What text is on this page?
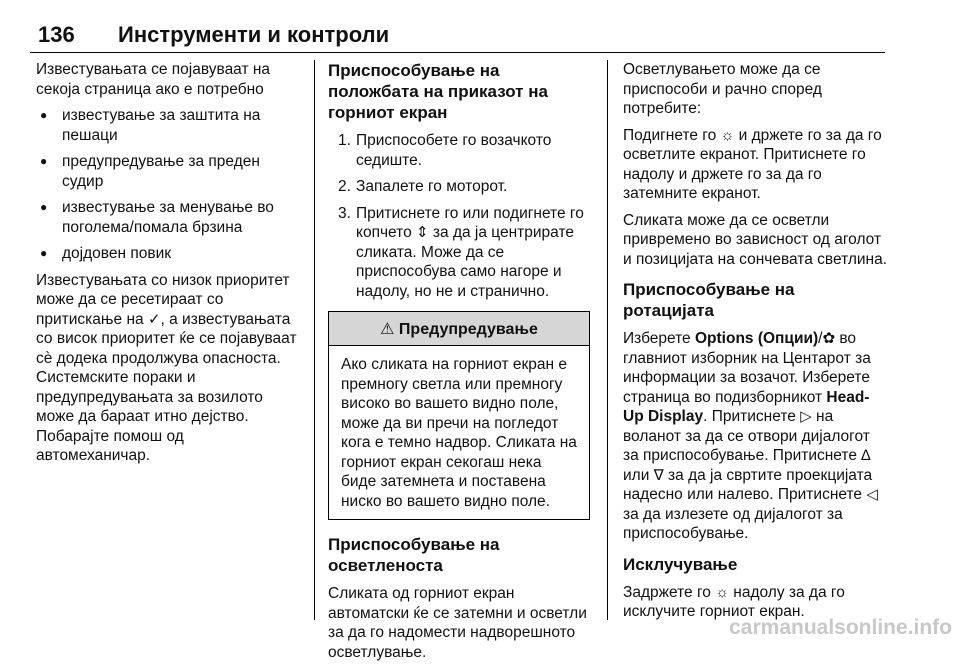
136 Инструменти и контроли

Известувањата се појавуваат на секоја страница ако е потребно

● известување за заштита на пешаци
● предупредување за преден судир
● известување за менување во поголема/помала брзина
● дојдовен повик

Известувањата со низок приоритет може да се ресетираат со притискање на ✓, а известувањата со висок приоритет ќе се појавуваат сѐ додека продолжува опасноста. Системските пораки и предупредувањата за возилото може да бараат итно дејство. Побарајте помош од автомеханичар.

Приспособување на положбата на приказот на горниот екран

1. Приспособете го возачкото седиште.
2. Запалете го моторот.
3. Притиснете го или подигнете го копчето ⇕ за да ја центрирате сликата. Може да се приспособува само нагоре и надолу, но не и странично.
⚠ Предупредување

Ако сликата на горниот екран е премногу светла или премногу високо во вашето видно поле, може да ви пречи на погледот кога е темно надвор. Сликата на горниот екран секогаш нека биде затемнета и поставена ниско во вашето видно поле.

Приспособување на осветленоста

Сликата од горниот екран автоматски ќе се затемни и осветли за да го надомести надворешното осветлување.

Осветлувањето може да се приспособи и рачно според потребите:

Подигнете го ☼ и држете го за да го осветлите екранот. Притиснете го надолу и држете го за да го затемните екранот.

Сликата може да се осветли привремено во зависност од аголот и позицијата на сончевата светлина.

Приспособување на ротацијата

Изберете Options (Опции)/✿ во главниот изборник на Центарот за информации за возачот. Изберете страница во подизборникот Head-Up Display. Притиснете ▷ на воланот за да се отвори дијалогот за приспособување. Притиснете ∆ или ∇ за да ја свртите проекцијата надесно или налево. Притиснете ◁ за да излезете од дијалогот за приспособување.

Исклучување

Задржете го ☼ надолу за да го исклучите горниот екран.

carmanualsonline.info
